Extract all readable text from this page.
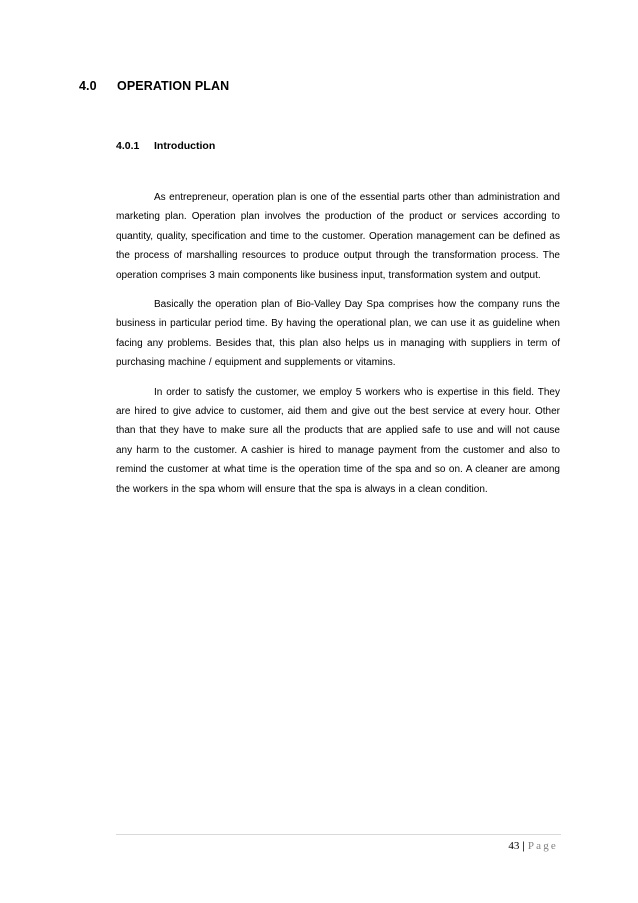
4.0 OPERATION PLAN
4.0.1 Introduction

As entrepreneur, operation plan is one of the essential parts other than administration and marketing plan. Operation plan involves the production of the product or services according to quantity, quality, specification and time to the customer. Operation management can be defined as the process of marshalling resources to produce output through the transformation process. The operation comprises 3 main components like business input, transformation system and output.

Basically the operation plan of Bio-Valley Day Spa comprises how the company runs the business in particular period time. By having the operational plan, we can use it as guideline when facing any problems. Besides that, this plan also helps us in managing with suppliers in term of purchasing machine / equipment and supplements or vitamins.

In order to satisfy the customer, we employ 5 workers who is expertise in this field. They are hired to give advice to customer, aid them and give out the best service at every hour. Other than that they have to make sure all the products that are applied safe to use and will not cause any harm to the customer. A cashier is hired to manage payment from the customer and also to remind the customer at what time is the operation time of the spa and so on. A cleaner are among the workers in the spa whom will ensure that the spa is always in a clean condition.

43 | Page
